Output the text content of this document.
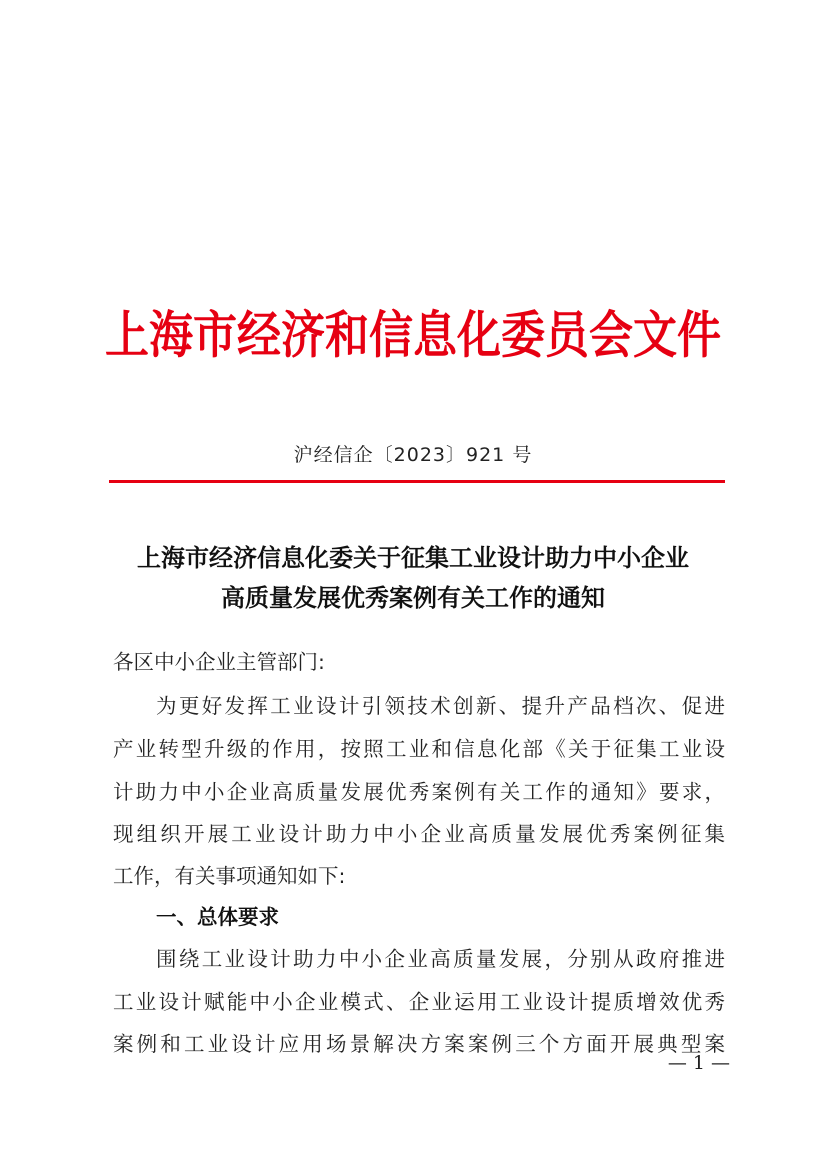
上海市经济和信息化委员会文件
沪经信企〔2023〕921 号
上海市经济信息化委关于征集工业设计助力中小企业
高质量发展优秀案例有关工作的通知
各区中小企业主管部门:
为更好发挥工业设计引领技术创新、提升产品档次、促进
产业转型升级的作用，按照工业和信息化部《关于征集工业设
计助力中小企业高质量发展优秀案例有关工作的通知》要求，
现组织开展工业设计助力中小企业高质量发展优秀案例征集
工作，有关事项通知如下:
一、总体要求
围绕工业设计助力中小企业高质量发展，分别从政府推进
工业设计赋能中小企业模式、企业运用工业设计提质增效优秀
案例和工业设计应用场景解决方案案例三个方面开展典型案
— 1 —
